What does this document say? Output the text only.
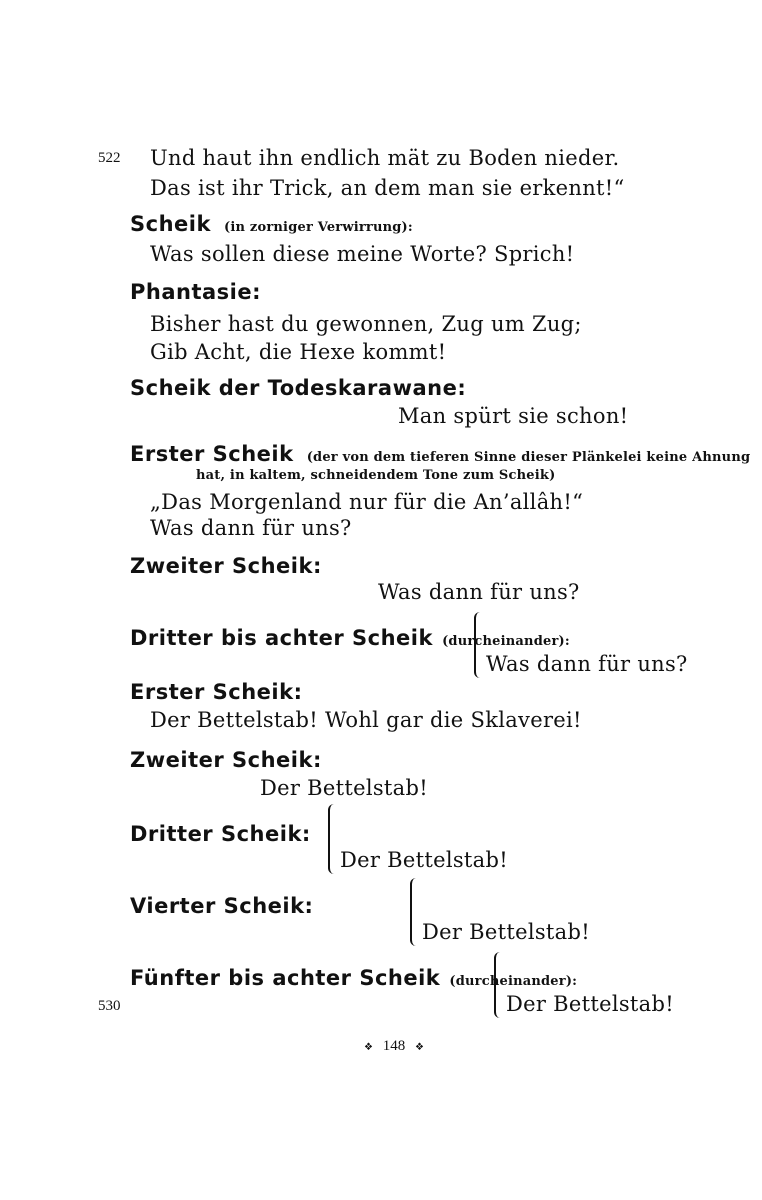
522 Und haut ihn endlich mät zu Boden nieder.
Das ist ihr Trick, an dem man sie erkennt!“
Scheik (in zorniger Verwirrung):
Was sollen diese meine Worte? Sprich!
Phantasie:
Bisher hast du gewonnen, Zug um Zug;
Gib Acht, die Hexe kommt!
Scheik der Todeskarawane:
Man spürt sie schon!
Erster Scheik (der von dem tieferen Sinne dieser Plänkelei keine Ahnung
hat, in kaltem, schneidendem Tone zum Scheik)
„Das Morgenland nur für die An’allâh!“
Was dann für uns?
Zweiter Scheik:
Was dann für uns?
Dritter bis achter Scheik (durcheinander):
Was dann für uns?
Erster Scheik:
Der Bettelstab! Wohl gar die Sklaverei!
Zweiter Scheik:
Der Bettelstab!
Dritter Scheik:
Der Bettelstab!
Vierter Scheik:
Der Bettelstab!
Fünfter bis achter Scheik (durcheinander):
Der Bettelstab!
530
❖ 148 ❖
